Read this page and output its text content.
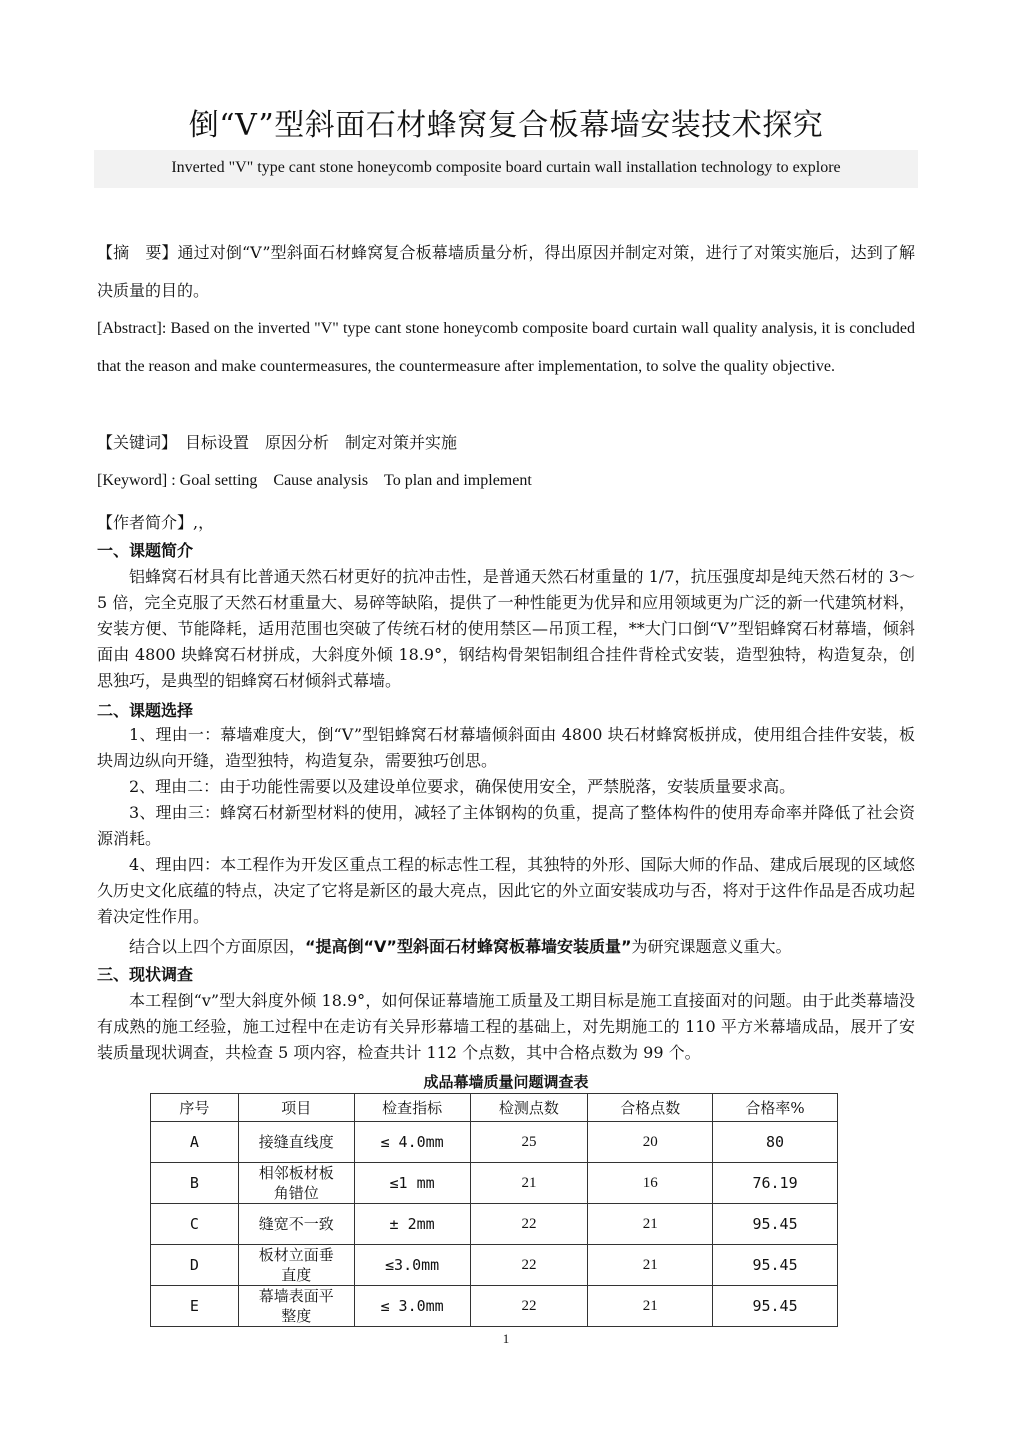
倒“V”型斜面石材蜂窝复合板幕墙安装技术探究
Inverted "V" type cant stone honeycomb composite board curtain wall installation technology to explore
【摘　要】通过对倒“V”型斜面石材蜂窝复合板幕墙质量分析，得出原因并制定对策，进行了对策实施后，达到了解决质量的目的。
[Abstract]: Based on the inverted "V" type cant stone honeycomb composite board curtain wall quality analysis, it is concluded that the reason and make countermeasures, the countermeasure after implementation, to solve the quality objective.
【关键词】　目标设置　原因分析　制定对策并实施
[Keyword] : Goal setting　Cause analysis　To plan and implement
【作者简介】,，
一、课题简介
铝蜂窝石材具有比普通天然石材更好的抗冲击性，是普通天然石材重量的 1/7，抗压强度却是纯天然石材的 3～5 倍，完全克服了天然石材重量大、易碎等缺陷，提供了一种性能更为优异和应用领域更为广泛的新一代建筑材料，安装方便、节能降耗，适用范围也突破了传统石材的使用禁区—吊顶工程，**大门口倒“V”型铝蜂窝石材幕墙，倾斜面由 4800 块蜂窝石材拼成，大斜度外倾 18.9°，钢结构骨架铝制组合挂件背栓式安装，造型独特，构造复杂，创思独巧，是典型的铝蜂窝石材倾斜式幕墙。
二、课题选择
1、理由一：幕墙难度大，倒“V”型铝蜂窝石材幕墙倾斜面由 4800 块石材蜂窝板拼成，使用组合挂件安装，板块周边纵向开缝，造型独特，构造复杂，需要独巧创思。
2、理由二：由于功能性需要以及建设单位要求，确保使用安全，严禁脱落，安装质量要求高。
3、理由三：蜂窝石材新型材料的使用，减轻了主体钢构的负重，提高了整体构件的使用寿命率并降低了社会资源消耗。
4、理由四：本工程作为开发区重点工程的标志性工程，其独特的外形、国际大师的作品、建成后展现的区域悠久历史文化底蕴的特点，决定了它将是新区的最大亮点，因此它的外立面安装成功与否，将对于这件作品是否成功起着决定性作用。
结合以上四个方面原因，“提高倒“V”型斜面石材蜂窝板幕墙安装质量”为研究课题意义重大。
三、现状调查
本工程倒“v”型大斜度外倾 18.9°，如何保证幕墙施工质量及工期目标是施工直接面对的问题。由于此类幕墙没有成熟的施工经验，施工过程中在走访有关异形幕墙工程的基础上，对先期施工的 110 平方米幕墙成品，展开了安装质量现状调查，共检查 5 项内容，检查共计 112 个点数，其中合格点数为 99 个。
成品幕墙质量问题调查表
序号	项目	检查指标	检测点数	合格点数	合格率%
A	接缝直线度	≤ 4.0mm	25	20	80
B	相邻板材板角错位	≤1 mm	21	16	76.19
C	缝宽不一致	± 2mm	22	21	95.45
D	板材立面垂直度	≤3.0mm	22	21	95.45
E	幕墙表面平整度	≤ 3.0mm	22	21	95.45
1
